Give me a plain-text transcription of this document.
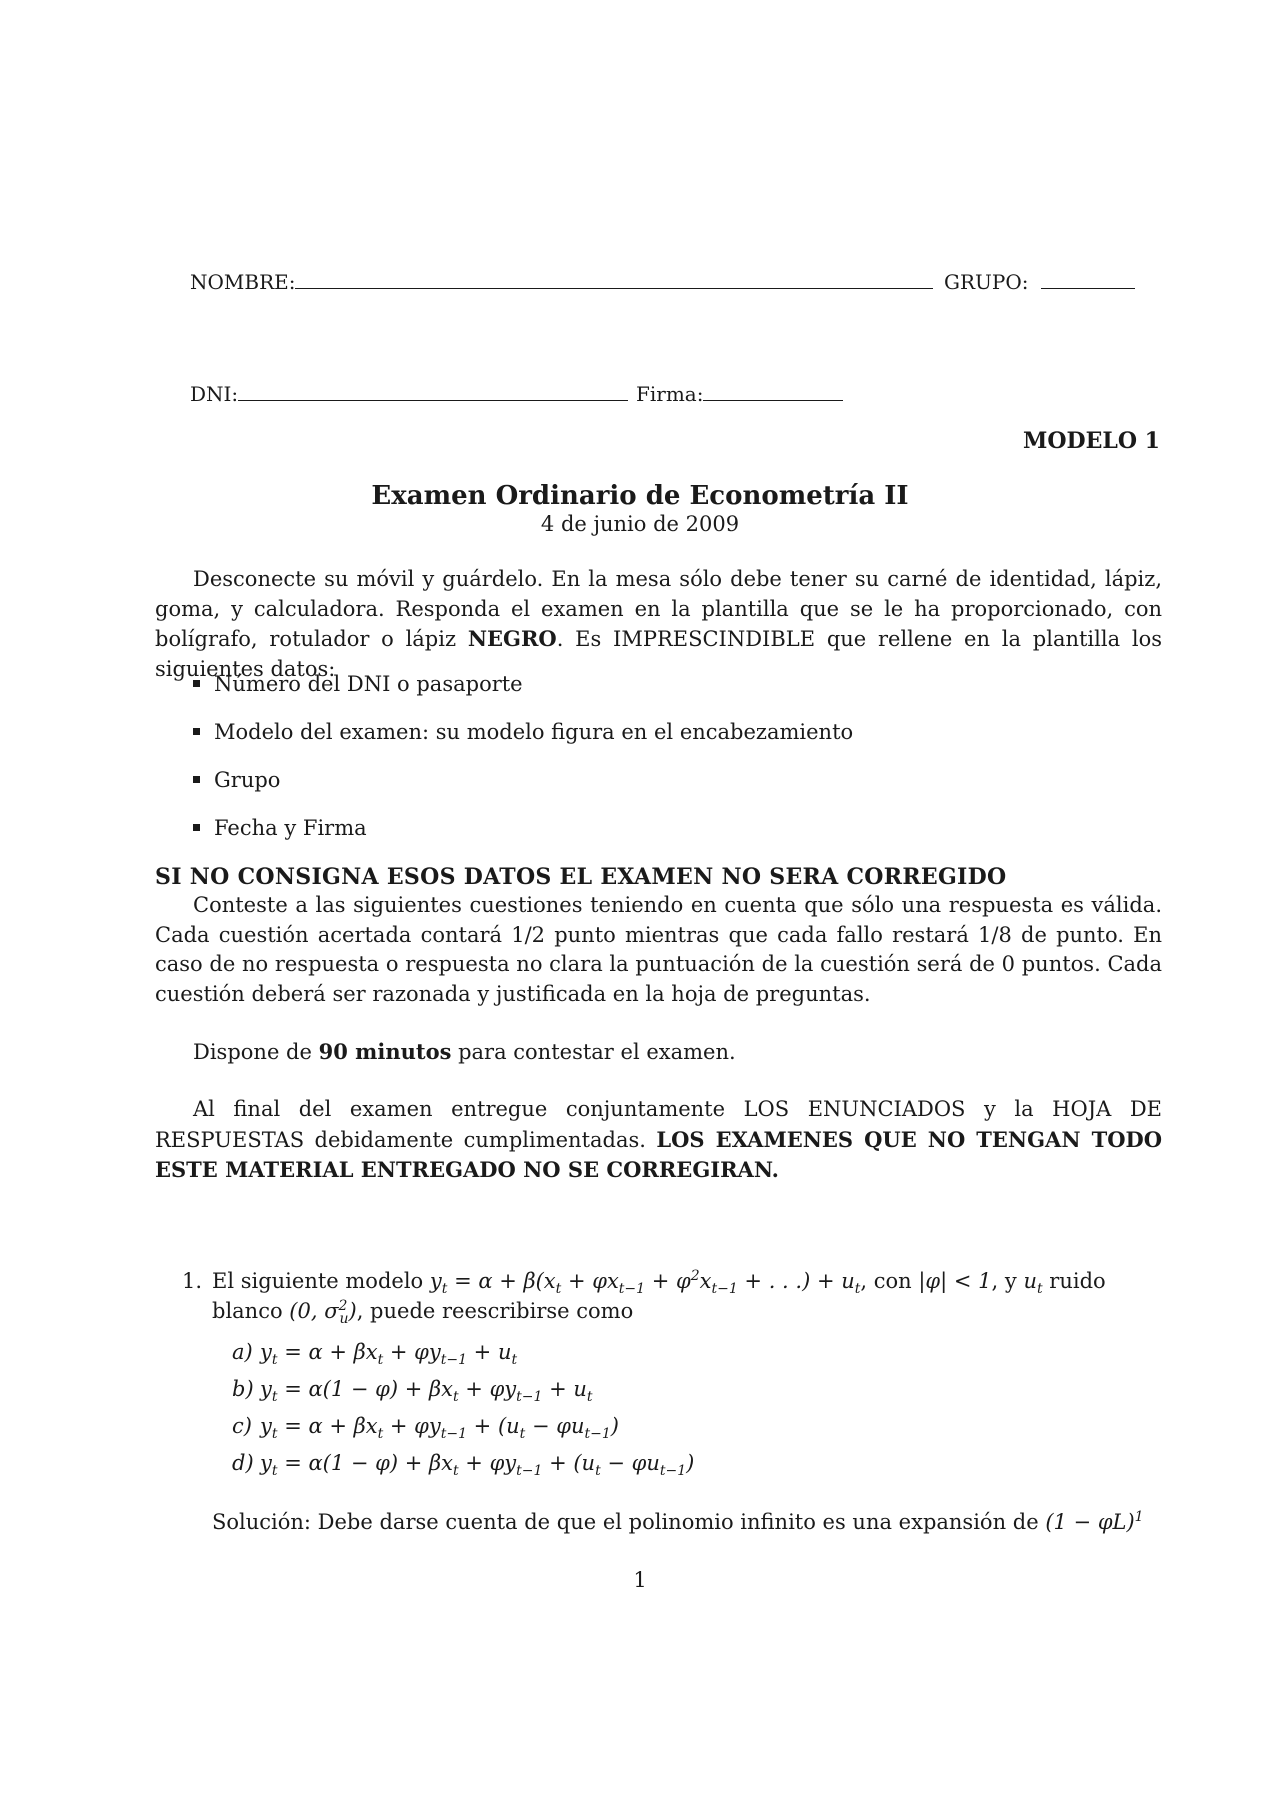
NOMBRE:	GRUPO:
DNI:	Firma:
MODELO 1
Examen Ordinario de Econometría II
4 de junio de 2009
Desconecte su móvil y guárdelo. En la mesa sólo debe tener su carné de identidad, lápiz, goma, y calculadora. Responda el examen en la plantilla que se le ha proporcionado, con bolígrafo, rotulador o lápiz NEGRO. Es IMPRESCINDIBLE que rellene en la plantilla los siguientes datos:
Número del DNI o pasaporte
Modelo del examen: su modelo figura en el encabezamiento
Grupo
Fecha y Firma
SI NO CONSIGNA ESOS DATOS EL EXAMEN NO SERA CORREGIDO
Conteste a las siguientes cuestiones teniendo en cuenta que sólo una respuesta es válida. Cada cuestión acertada contará 1/2 punto mientras que cada fallo restará 1/8 de punto. En caso de no respuesta o respuesta no clara la puntuación de la cuestión será de 0 puntos. Cada cuestión deberá ser razonada y justificada en la hoja de preguntas.
Dispone de 90 minutos para contestar el examen.
Al final del examen entregue conjuntamente LOS ENUNCIADOS y la HOJA DE RESPUESTAS debidamente cumplimentadas. LOS EXAMENES QUE NO TENGAN TODO ESTE MATERIAL ENTREGADO NO SE CORREGIRAN.
1. El siguiente modelo $y_t = \alpha + \beta(x_t + \varphi x_{t-1} + \varphi^2x_{t-1}$ + . . .) + $u_t$, con |φ| < 1, y $u_t$ ruido blanco (0, $\sigma^2_u$), puede reescribirse como
a) $y_t = \alpha + \beta x_t + \varphi y_{t-1} + u_t$
b) $y_t = \alpha(1 - \varphi) + \beta x_t + \varphi y_{t-1} + u_t$
c) $y_t = \alpha + \beta x_t + \varphi y_{t-1} + (u_t - \varphi u_{t-1})$
d) $y_t = \alpha(1 - \varphi) + \beta x_t + \varphi y_{t-1} + (u_t - \varphi u_{t-1})$
Solución: Debe darse cuenta de que el polinomio infinito es una expansión de $(1 - \varphi L)^1$
1
